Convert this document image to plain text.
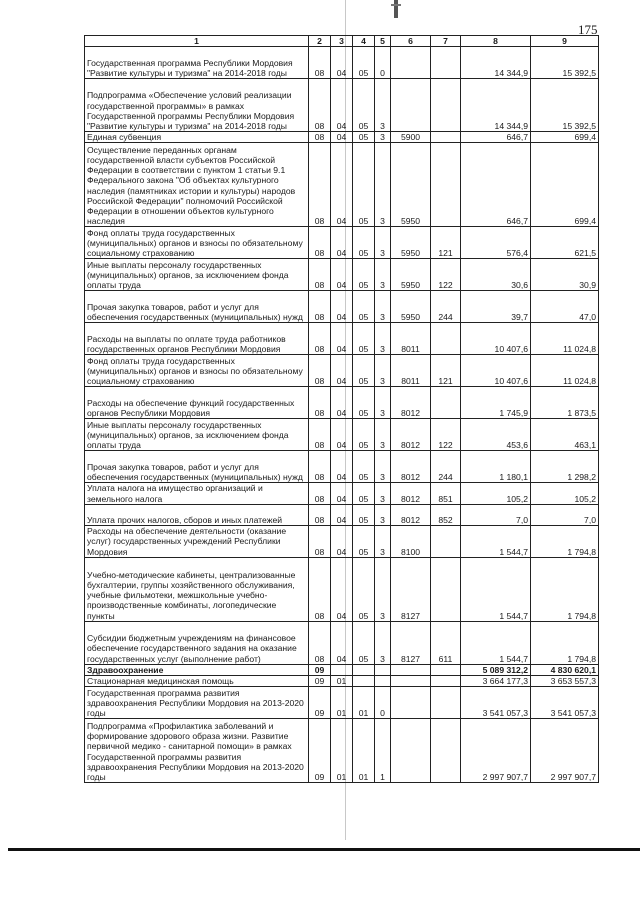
175
1	2	3	4	5	6	7	8	9
Государственная программа Республики Мордовия "Развитие культуры и туризма" на 2014-2018 годы	08	04	05	0			14 344,9	15 392,5
Подпрограмма «Обеспечение условий реализации государственной программы» в рамках Государственной программы Республики Мордовия "Развитие культуры и туризма" на 2014-2018 годы	08	04	05	3			14 344,9	15 392,5
Единая субвенция	08	04	05	3	5900		646,7	699,4
Осуществление переданных органам государственной власти субъектов Российской Федерации в соответствии с пунктом 1 статьи 9.1 Федерального закона "Об объектах культурного наследия (памятниках истории и культуры) народов Российской Федерации" полномочий Российской Федерации в отношении объектов культурного наследия	08	04	05	3	5950		646,7	699,4
Фонд оплаты труда государственных (муниципальных) органов и взносы по обязательному социальному страхованию	08	04	05	3	5950	121	576,4	621,5
Иные выплаты персоналу государственных (муниципальных) органов, за исключением фонда оплаты труда	08	04	05	3	5950	122	30,6	30,9
Прочая закупка товаров, работ и услуг для обеспечения государственных (муниципальных) нужд	08	04	05	3	5950	244	39,7	47,0
Расходы на выплаты по оплате труда работников государственных органов Республики Мордовия	08	04	05	3	8011		10 407,6	11 024,8
Фонд оплаты труда государственных (муниципальных) органов и взносы по обязательному социальному страхованию	08	04	05	3	8011	121	10 407,6	11 024,8
Расходы на обеспечение функций государственных органов Республики Мордовия	08	04	05	3	8012		1 745,9	1 873,5
Иные выплаты персоналу государственных (муниципальных) органов, за исключением фонда оплаты труда	08	04	05	3	8012	122	453,6	463,1
Прочая закупка товаров, работ и услуг для обеспечения государственных (муниципальных) нужд	08	04	05	3	8012	244	1 180,1	1 298,2
Уплата налога на имущество организаций и земельного налога	08	04	05	3	8012	851	105,2	105,2
Уплата прочих налогов, сборов и иных платежей	08	04	05	3	8012	852	7,0	7,0
Расходы на обеспечение деятельности (оказание услуг) государственных учреждений Республики Мордовия	08	04	05	3	8100		1 544,7	1 794,8
Учебно-методические кабинеты, централизованные бухгалтерии, группы хозяйственного обслуживания, учебные фильмотеки, межшкольные учебно-производственные комбинаты, логопедические пункты	08	04	05	3	8127		1 544,7	1 794,8
Субсидии бюджетным учреждениям на финансовое обеспечение государственного задания на оказание государственных услуг (выполнение работ)	08	04	05	3	8127	611	1 544,7	1 794,8
Здравоохранение	09						5 089 312,2	4 830 620,1
Стационарная медицинская помощь	09	01					3 664 177,3	3 653 557,3
Государственная программа развития здравоохранения Республики Мордовия на 2013-2020 годы	09	01	01	0			3 541 057,3	3 541 057,3
Подпрограмма «Профилактика заболеваний и формирование здорового образа жизни. Развитие первичной медико - санитарной помощи» в рамках Государственной программы развития здравоохранения Республики Мордовия на 2013-2020 годы	09	01	01	1			2 997 907,7	2 997 907,7
